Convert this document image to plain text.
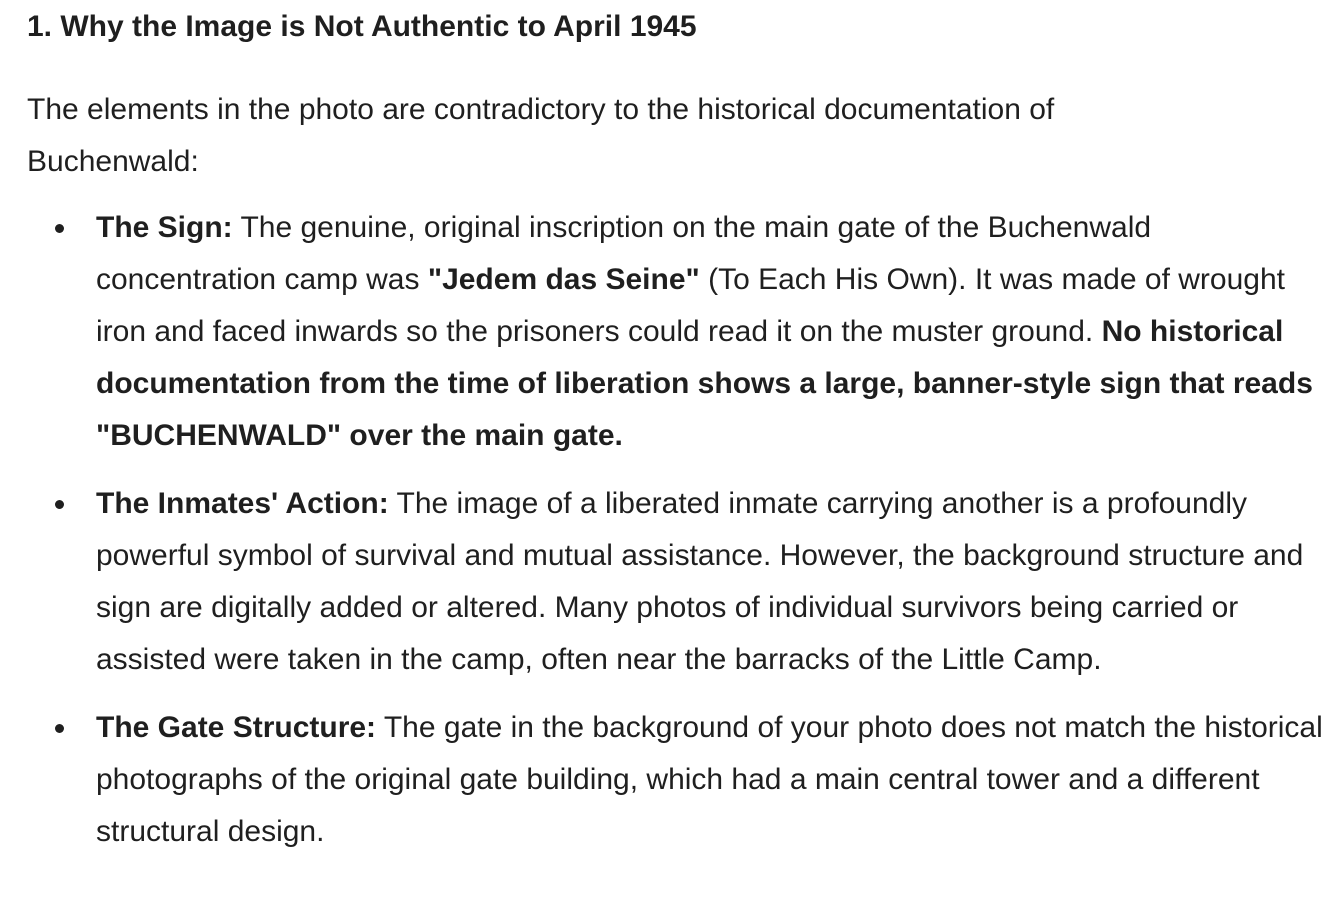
1. Why the Image is Not Authentic to April 1945

The elements in the photo are contradictory to the historical documentation of Buchenwald:

The Sign: The genuine, original inscription on the main gate of the Buchenwald concentration camp was "Jedem das Seine" (To Each His Own). It was made of wrought iron and faced inwards so the prisoners could read it on the muster ground. No historical documentation from the time of liberation shows a large, banner-style sign that reads "BUCHENWALD" over the main gate.
The Inmates' Action: The image of a liberated inmate carrying another is a profoundly powerful symbol of survival and mutual assistance. However, the background structure and sign are digitally added or altered. Many photos of individual survivors being carried or assisted were taken in the camp, often near the barracks of the Little Camp.
The Gate Structure: The gate in the background of your photo does not match the historical photographs of the original gate building, which had a main central tower and a different structural design.
